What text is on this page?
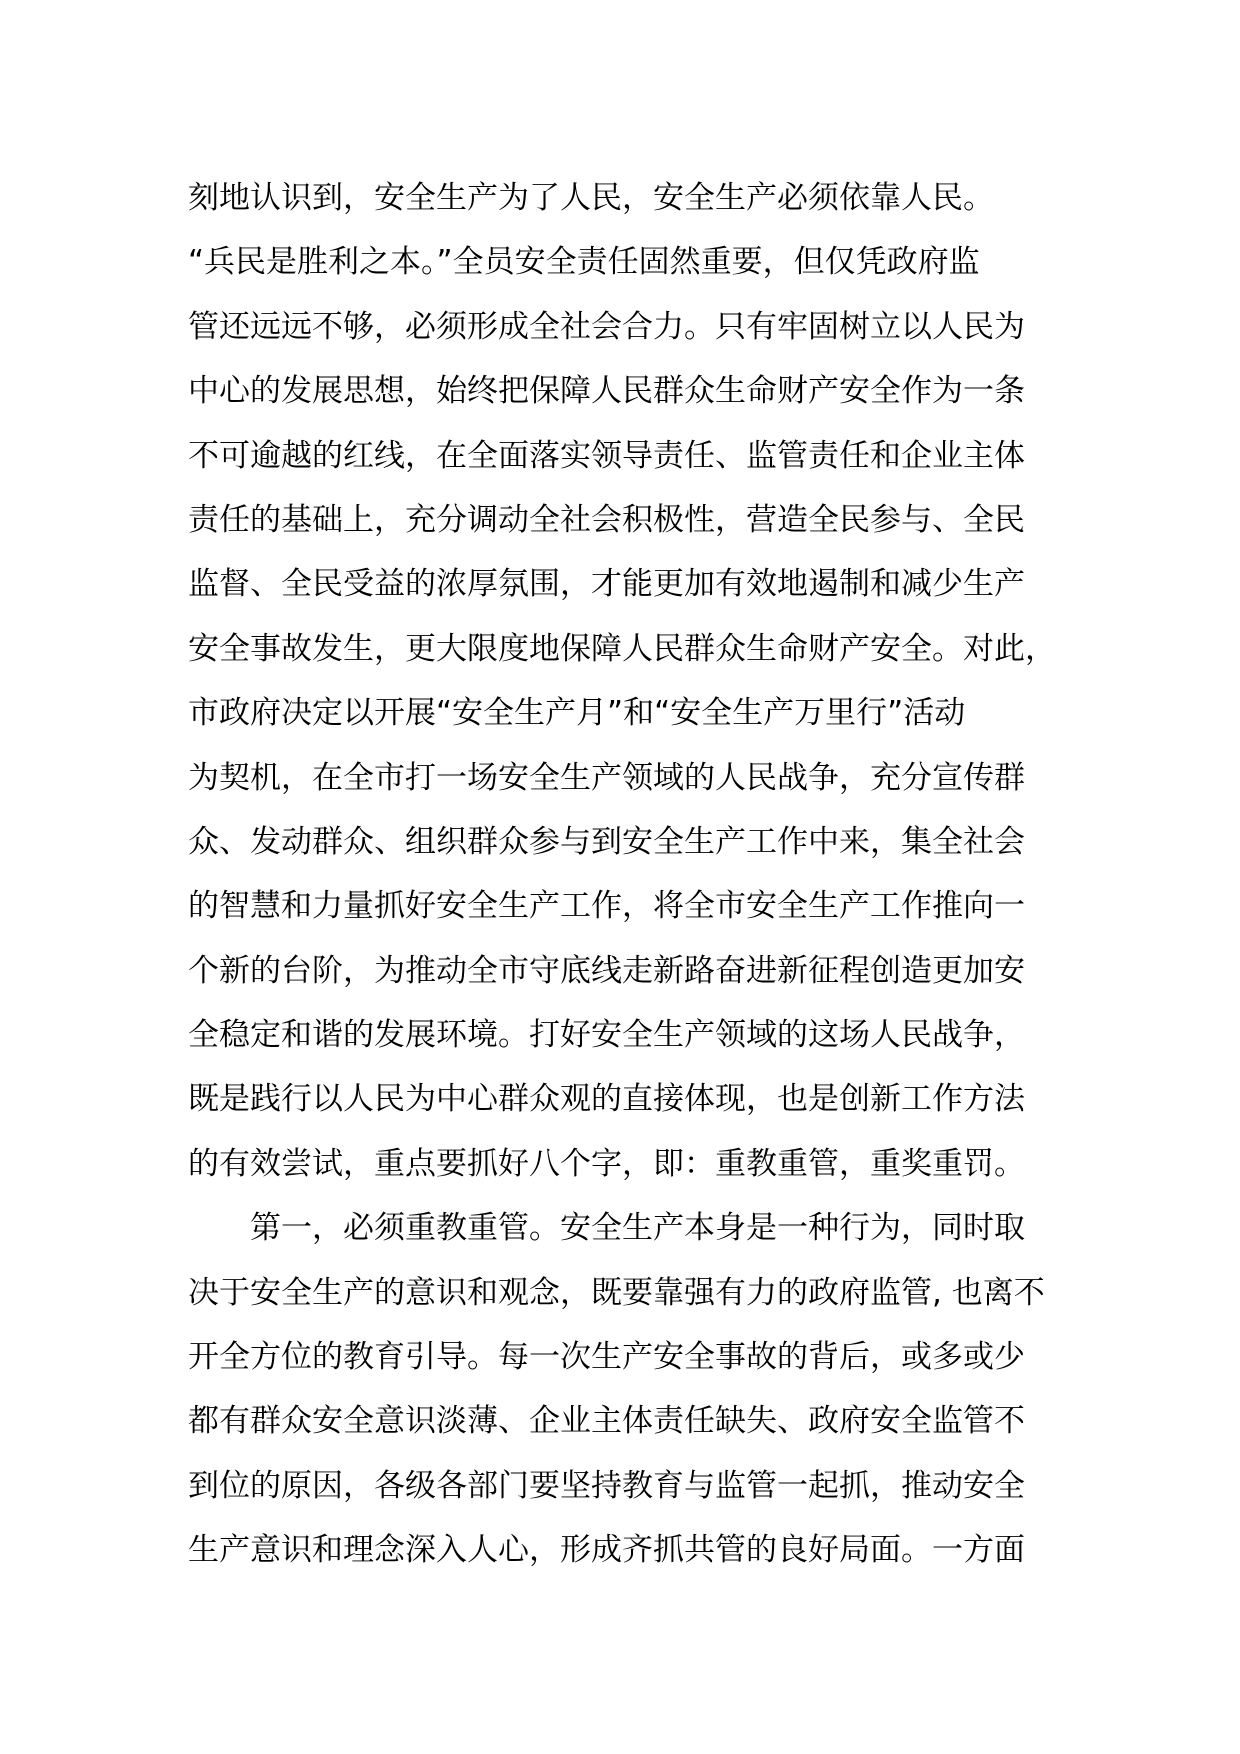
刻地认识到，安全生产为了人民，安全生产必须依靠人民。
“兵民是胜利之本。”全员安全责任固然重要，但仅凭政府监
管还远远不够，必须形成全社会合力。只有牢固树立以人民为
中心的发展思想，始终把保障人民群众生命财产安全作为一条
不可逾越的红线，在全面落实领导责任、监管责任和企业主体
责任的基础上，充分调动全社会积极性，营造全民参与、全民
监督、全民受益的浓厚氛围，才能更加有效地遏制和减少生产
安全事故发生，更大限度地保障人民群众生命财产安全。对此，
市政府决定以开展“安全生产月”和“安全生产万里行”活动
为契机，在全市打一场安全生产领域的人民战争，充分宣传群
众、发动群众、组织群众参与到安全生产工作中来，集全社会
的智慧和力量抓好安全生产工作，将全市安全生产工作推向一
个新的台阶，为推动全市守底线走新路奋进新征程创造更加安
全稳定和谐的发展环境。打好安全生产领域的这场人民战争，
既是践行以人民为中心群众观的直接体现，也是创新工作方法
的有效尝试，重点要抓好八个字，即：重教重管，重奖重罚。
第一，必须重教重管。安全生产本身是一种行为，同时取
决于安全生产的意识和观念，既要靠强有力的政府监管, 也离不
开全方位的教育引导。每一次生产安全事故的背后，或多或少
都有群众安全意识淡薄、企业主体责任缺失、政府安全监管不
到位的原因，各级各部门要坚持教育与监管一起抓，推动安全
生产意识和理念深入人心，形成齐抓共管的良好局面。一方面
